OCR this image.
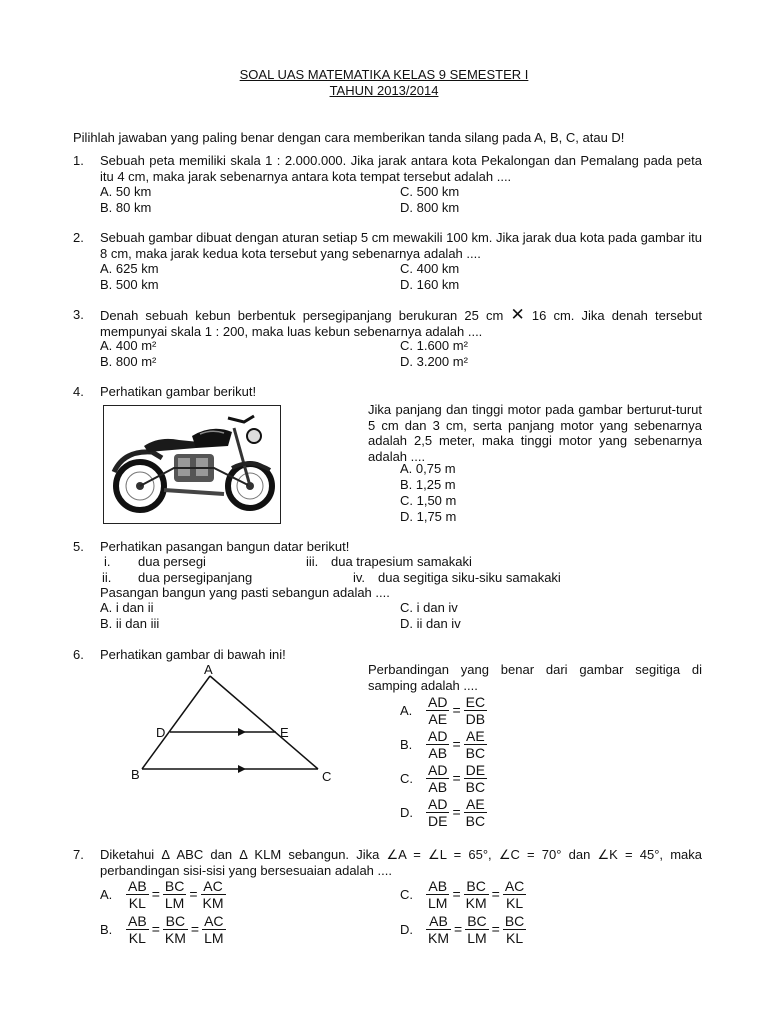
SOAL UAS MATEMATIKA KELAS 9 SEMESTER I
TAHUN 2013/2014
Pilihlah jawaban yang paling benar dengan cara memberikan tanda silang pada A, B, C, atau D!
1. Sebuah peta memiliki skala 1 : 2.000.000. Jika jarak antara kota Pekalongan dan Pemalang pada peta itu 4 cm, maka jarak sebenarnya antara kota tempat tersebut adalah ....
A. 50 km
B. 80 km
C. 500 km
D. 800 km
2. Sebuah gambar dibuat dengan aturan setiap 5 cm mewakili 100 km. Jika jarak dua kota pada gambar itu 8 cm, maka jarak kedua kota tersebut yang sebenarnya adalah ....
A. 625 km
B. 500 km
C. 400 km
D. 160 km
3. Denah sebuah kebun berbentuk persegipanjang berukuran 25 cm ✕ 16 cm. Jika denah tersebut mempunyai skala 1 : 200, maka luas kebun sebenarnya adalah ....
A. 400 m²
B. 800 m²
C. 1.600 m²
D. 3.200 m²
4. Perhatikan gambar berikut!
Jika panjang dan tinggi motor pada gambar berturut-turut 5 cm dan 3 cm, serta panjang motor yang sebenarnya adalah 2,5 meter, maka tinggi motor yang sebenarnya adalah ....
A. 0,75 m
B. 1,25 m
C. 1,50 m
D. 1,75 m
5. Perhatikan pasangan bangun datar berikut!
i. dua persegi	iii. dua trapesium samakaki
ii. dua persegipanjang	iv. dua segitiga siku-siku samakaki
Pasangan bangun yang pasti sebangun adalah ....
A. i dan ii
B. ii dan iii
C. i dan iv
D. ii dan iv
6. Perhatikan gambar di bawah ini!
A
D	E
B	C
Perbandingan yang benar dari gambar segitiga di samping adalah ....
A. $\frac{AD}{AE} = \frac{EC}{DB}$
B. $\frac{AD}{AB} = \frac{AE}{BC}$
C. $\frac{AD}{AB} = \frac{DE}{BC}$
D. $\frac{AD}{DE} = \frac{AE}{BC}$
7. Diketahui Δ ABC dan Δ KLM sebangun. Jika ∠A = ∠L = 65°, ∠C = 70° dan ∠K = 45°, maka perbandingan sisi-sisi yang bersesuaian adalah ....
A. $\frac{AB}{KL} = \frac{BC}{LM} = \frac{AC}{KM}$	C. $\frac{AB}{LM} = \frac{BC}{KM} = \frac{AC}{KL}$
B. $\frac{AB}{KL} = \frac{BC}{KM} = \frac{AC}{LM}$	D. $\frac{AB}{KM} = \frac{BC}{LM} = \frac{BC}{KL}$
